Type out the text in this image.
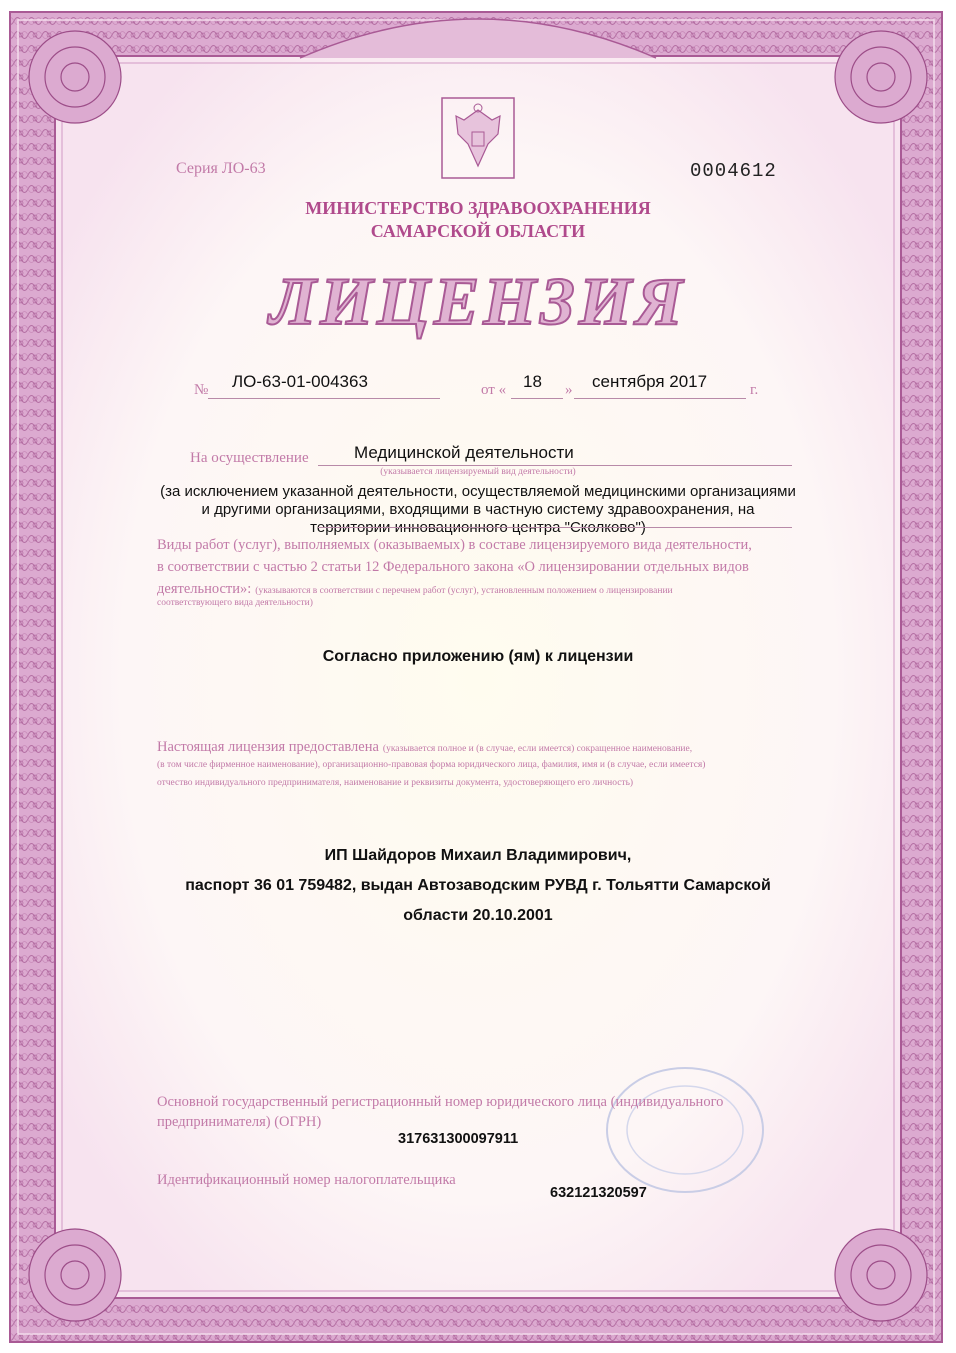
Серия ЛО-63	0004612
МИНИСТЕРСТВО ЗДРАВООХРАНЕНИЯ
САМАРСКОЙ ОБЛАСТИ
ЛИЦЕНЗИЯ
№ ЛО-63-01-004363	от « 18 » сентября 2017	г.
На осуществление	Медицинской деятельности
(указывается лицензируемый вид деятельности)
(за исключением указанной деятельности, осуществляемой медицинскими организациями
и другими организациями, входящими в частную систему здравоохранения, на
территории инновационного центра "Сколково")
Виды работ (услуг), выполняемых (оказываемых) в составе лицензируемого вида деятельности,
в соответствии с частью 2 статьи 12 Федерального закона «О лицензировании отдельных видов
деятельности»: (указываются в соответствии с перечнем работ (услуг), установленным положением о лицензировании
соответствующего вида деятельности)
Согласно приложению (ям) к лицензии
Настоящая лицензия предоставлена (указывается полное и (в случае, если имеется) сокращенное наименование,
(в том числе фирменное наименование), организационно-правовая форма юридического лица, фамилия, имя и (в случае, если имеется)
отчество индивидуального предпринимателя, наименование и реквизиты документа, удостоверяющего его личность)
ИП Шайдоров Михаил Владимирович,
паспорт 36 01 759482, выдан Автозаводским РУВД г. Тольятти Самарской
области 20.10.2001
Основной государственный регистрационный номер юридического лица (индивидуального
предпринимателя) (ОГРН)
317631300097911
Идентификационный номер налогоплательщика
632121320597
